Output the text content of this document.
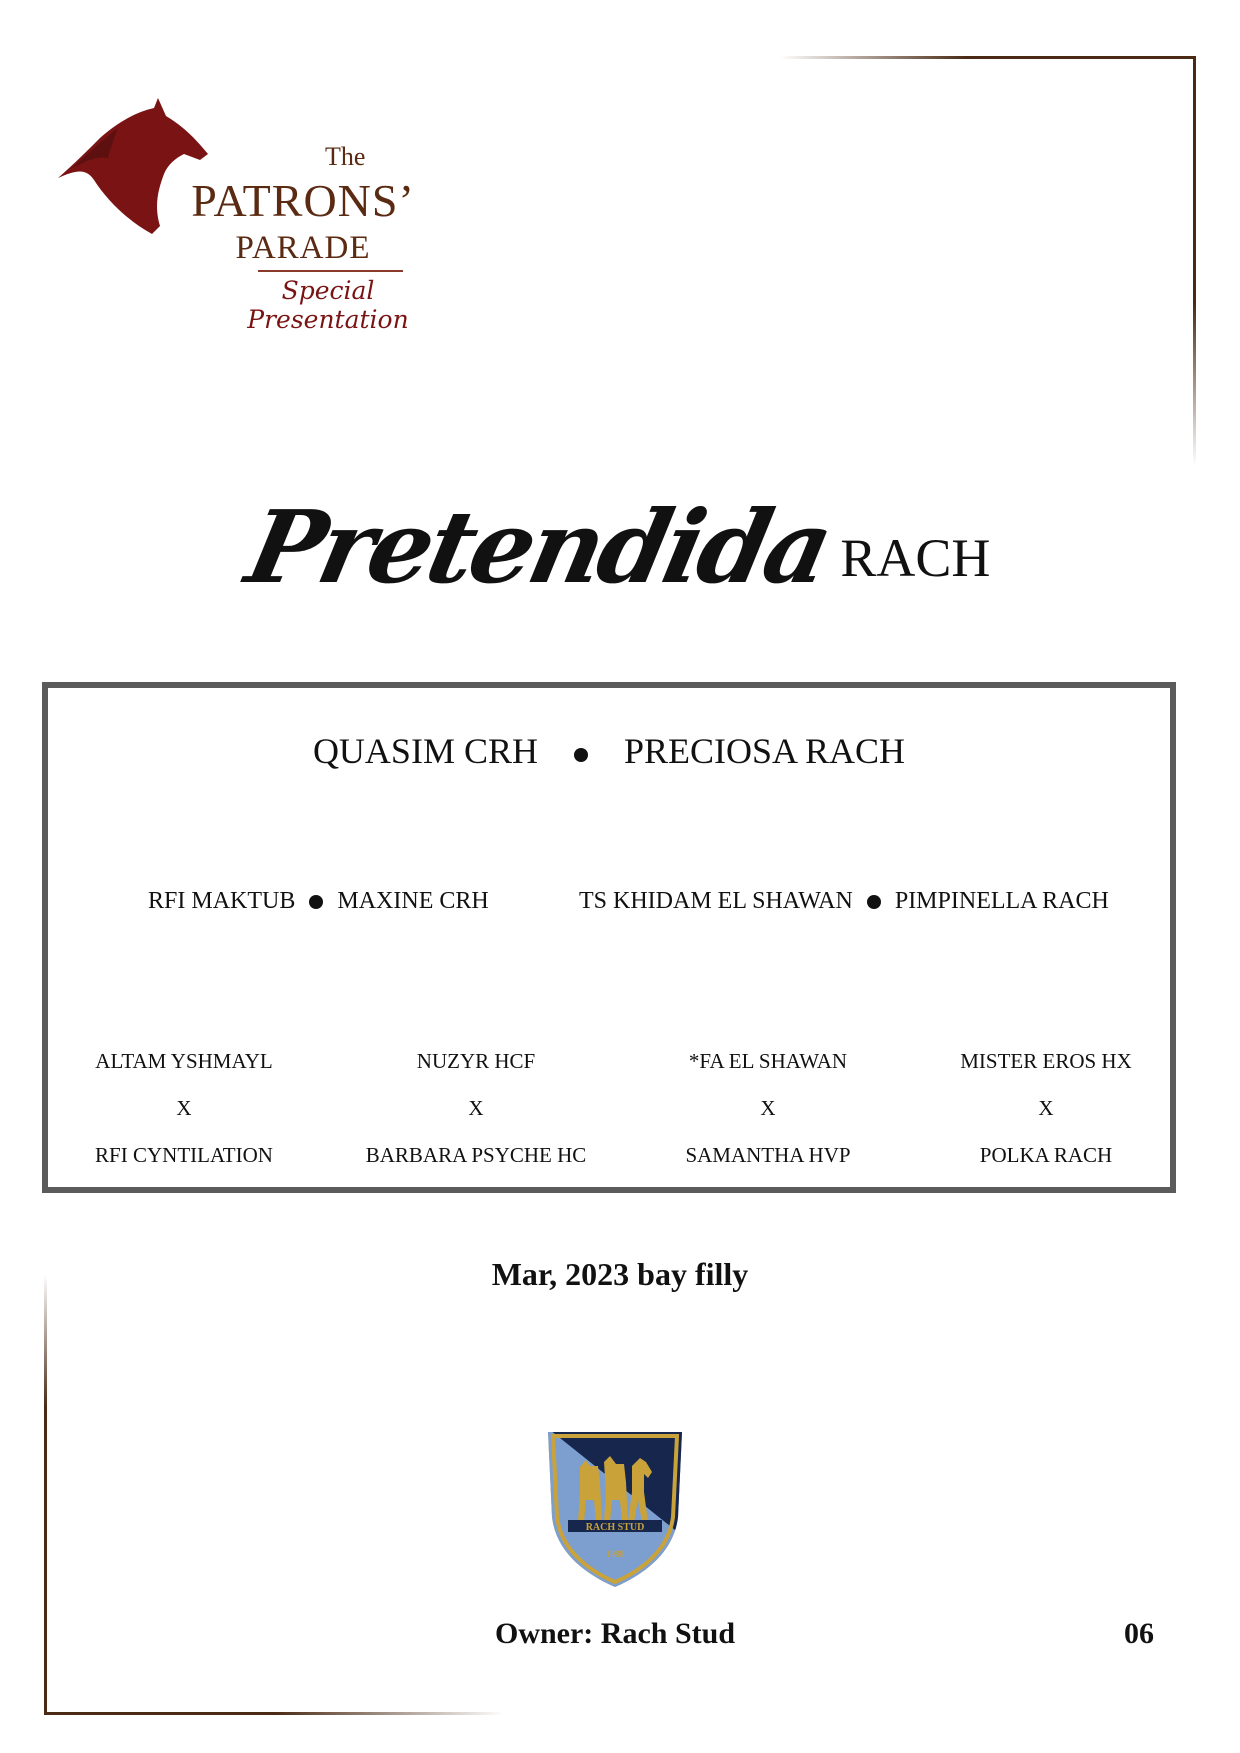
The
PATRONS’
PARADE
Special Presentation
PretendidaRACH
QUASIM CRH PRECIOSA RACH
RFI MAKTUB MAXINE CRH	TS KHIDAM EL SHAWAN PIMPINELLA RACH
ALTAM YSHMAYL
X
RFI CYNTILATION
NUZYR HCF
X
BARBARA PSYCHE HC
*FA EL SHAWAN
X
SAMANTHA HVP
MISTER EROS HX
X
POLKA RACH
Mar, 2023 bay filly
RACH STUD
1988
Owner: Rach Stud	06
